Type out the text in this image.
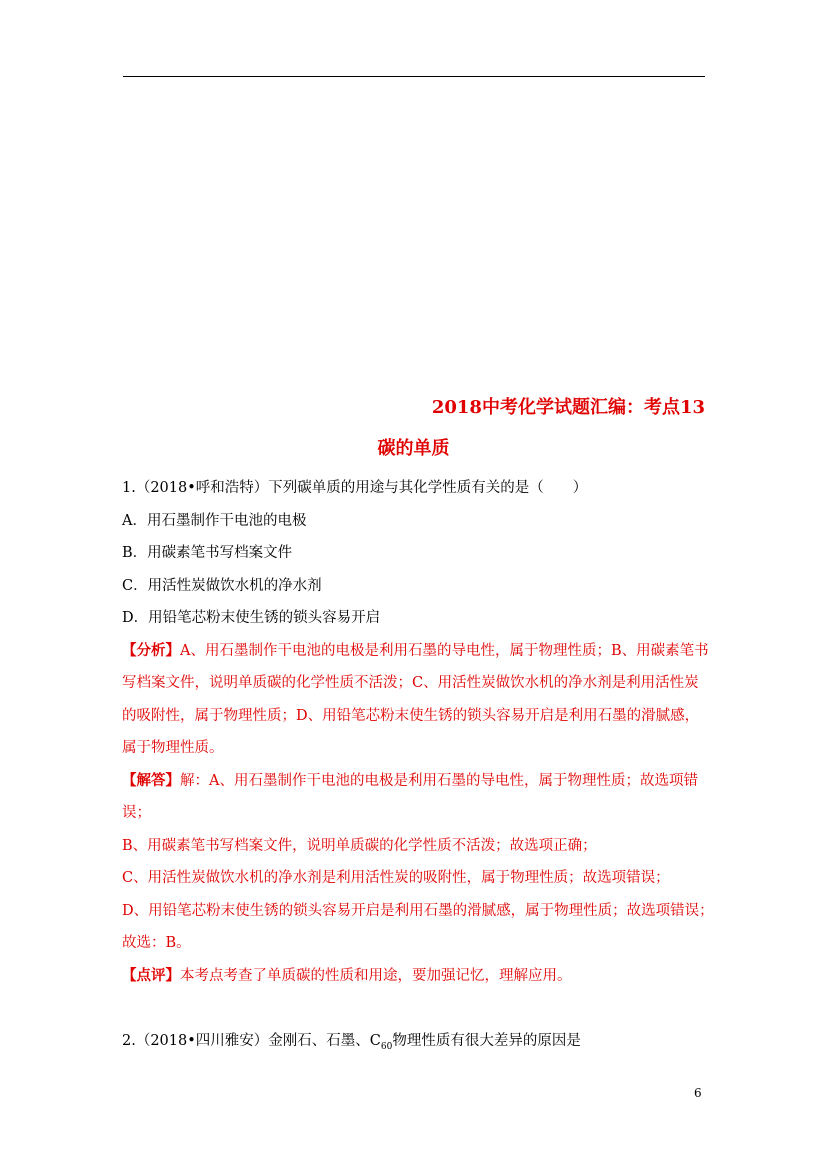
2018中考化学试题汇编：考点13
碳的单质
1.（2018•呼和浩特）下列碳单质的用途与其化学性质有关的是（　　）
A．用石墨制作干电池的电极
B．用碳素笔书写档案文件
C．用活性炭做饮水机的净水剂
D．用铅笔芯粉末使生锈的锁头容易开启
【分析】A、用石墨制作干电池的电极是利用石墨的导电性，属于物理性质；B、用碳素笔书
写档案文件，说明单质碳的化学性质不活泼；C、用活性炭做饮水机的净水剂是利用活性炭
的吸附性，属于物理性质；D、用铅笔芯粉末使生锈的锁头容易开启是利用石墨的滑腻感，
属于物理性质。
【解答】解：A、用石墨制作干电池的电极是利用石墨的导电性，属于物理性质；故选项错
误；
B、用碳素笔书写档案文件，说明单质碳的化学性质不活泼；故选项正确；
C、用活性炭做饮水机的净水剂是利用活性炭的吸附性，属于物理性质；故选项错误；
D、用铅笔芯粉末使生锈的锁头容易开启是利用石墨的滑腻感，属于物理性质；故选项错误；
故选：B。
【点评】本考点考查了单质碳的性质和用途，要加强记忆，理解应用。
2.（2018•四川雅安）金刚石、石墨、$C_{60}$物理性质有很大差异的原因是
6
